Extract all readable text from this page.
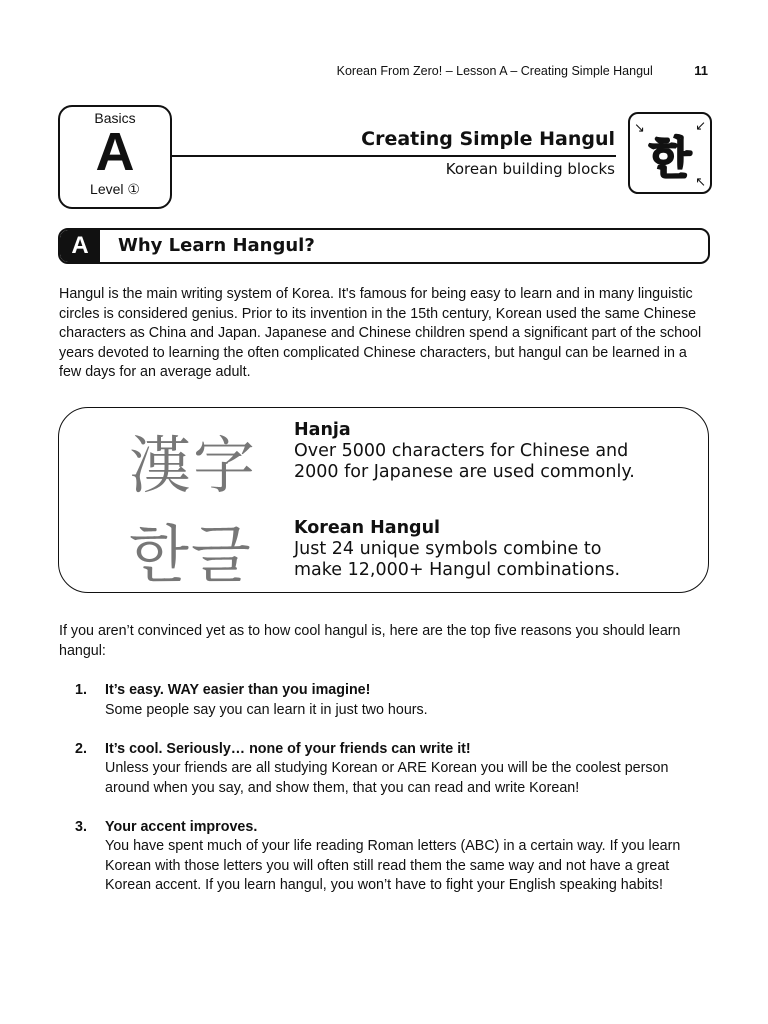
Korean From Zero! – Lesson A – Creating Simple Hangul	11
Basics
A
Level ①
Creating Simple Hangul
Korean building blocks
↘	↙
↖
한
A	Why Learn Hangul?

Hangul is the main writing system of Korea. It's famous for being easy to learn and in many linguistic circles is considered genius. Prior to its invention in the 15th century, Korean used the same Chinese characters as China and Japan. Japanese and Chinese children spend a significant part of the school years devoted to learning the often complicated Chinese characters, but hangul can be learned in a few days for an average adult.

漢字 Hanja
Over 5000 characters for Chinese and
2000 for Japanese are used commonly.
한글 Korean Hangul
Just 24 unique symbols combine to
make 12,000+ Hangul combinations.

If you aren’t convinced yet as to how cool hangul is, here are the top five reasons you should learn hangul:

1. It’s easy. WAY easier than you imagine!
Some people say you can learn it in just two hours.
2. It’s cool. Seriously… none of your friends can write it!
Unless your friends are all studying Korean or ARE Korean you will be the coolest person around when you say, and show them, that you can read and write Korean!
3. Your accent improves.
You have spent much of your life reading Roman letters (ABC) in a certain way. If you learn Korean with those letters you will often still read them the same way and not have a great Korean accent. If you learn hangul, you won’t have to fight your English speaking habits!
